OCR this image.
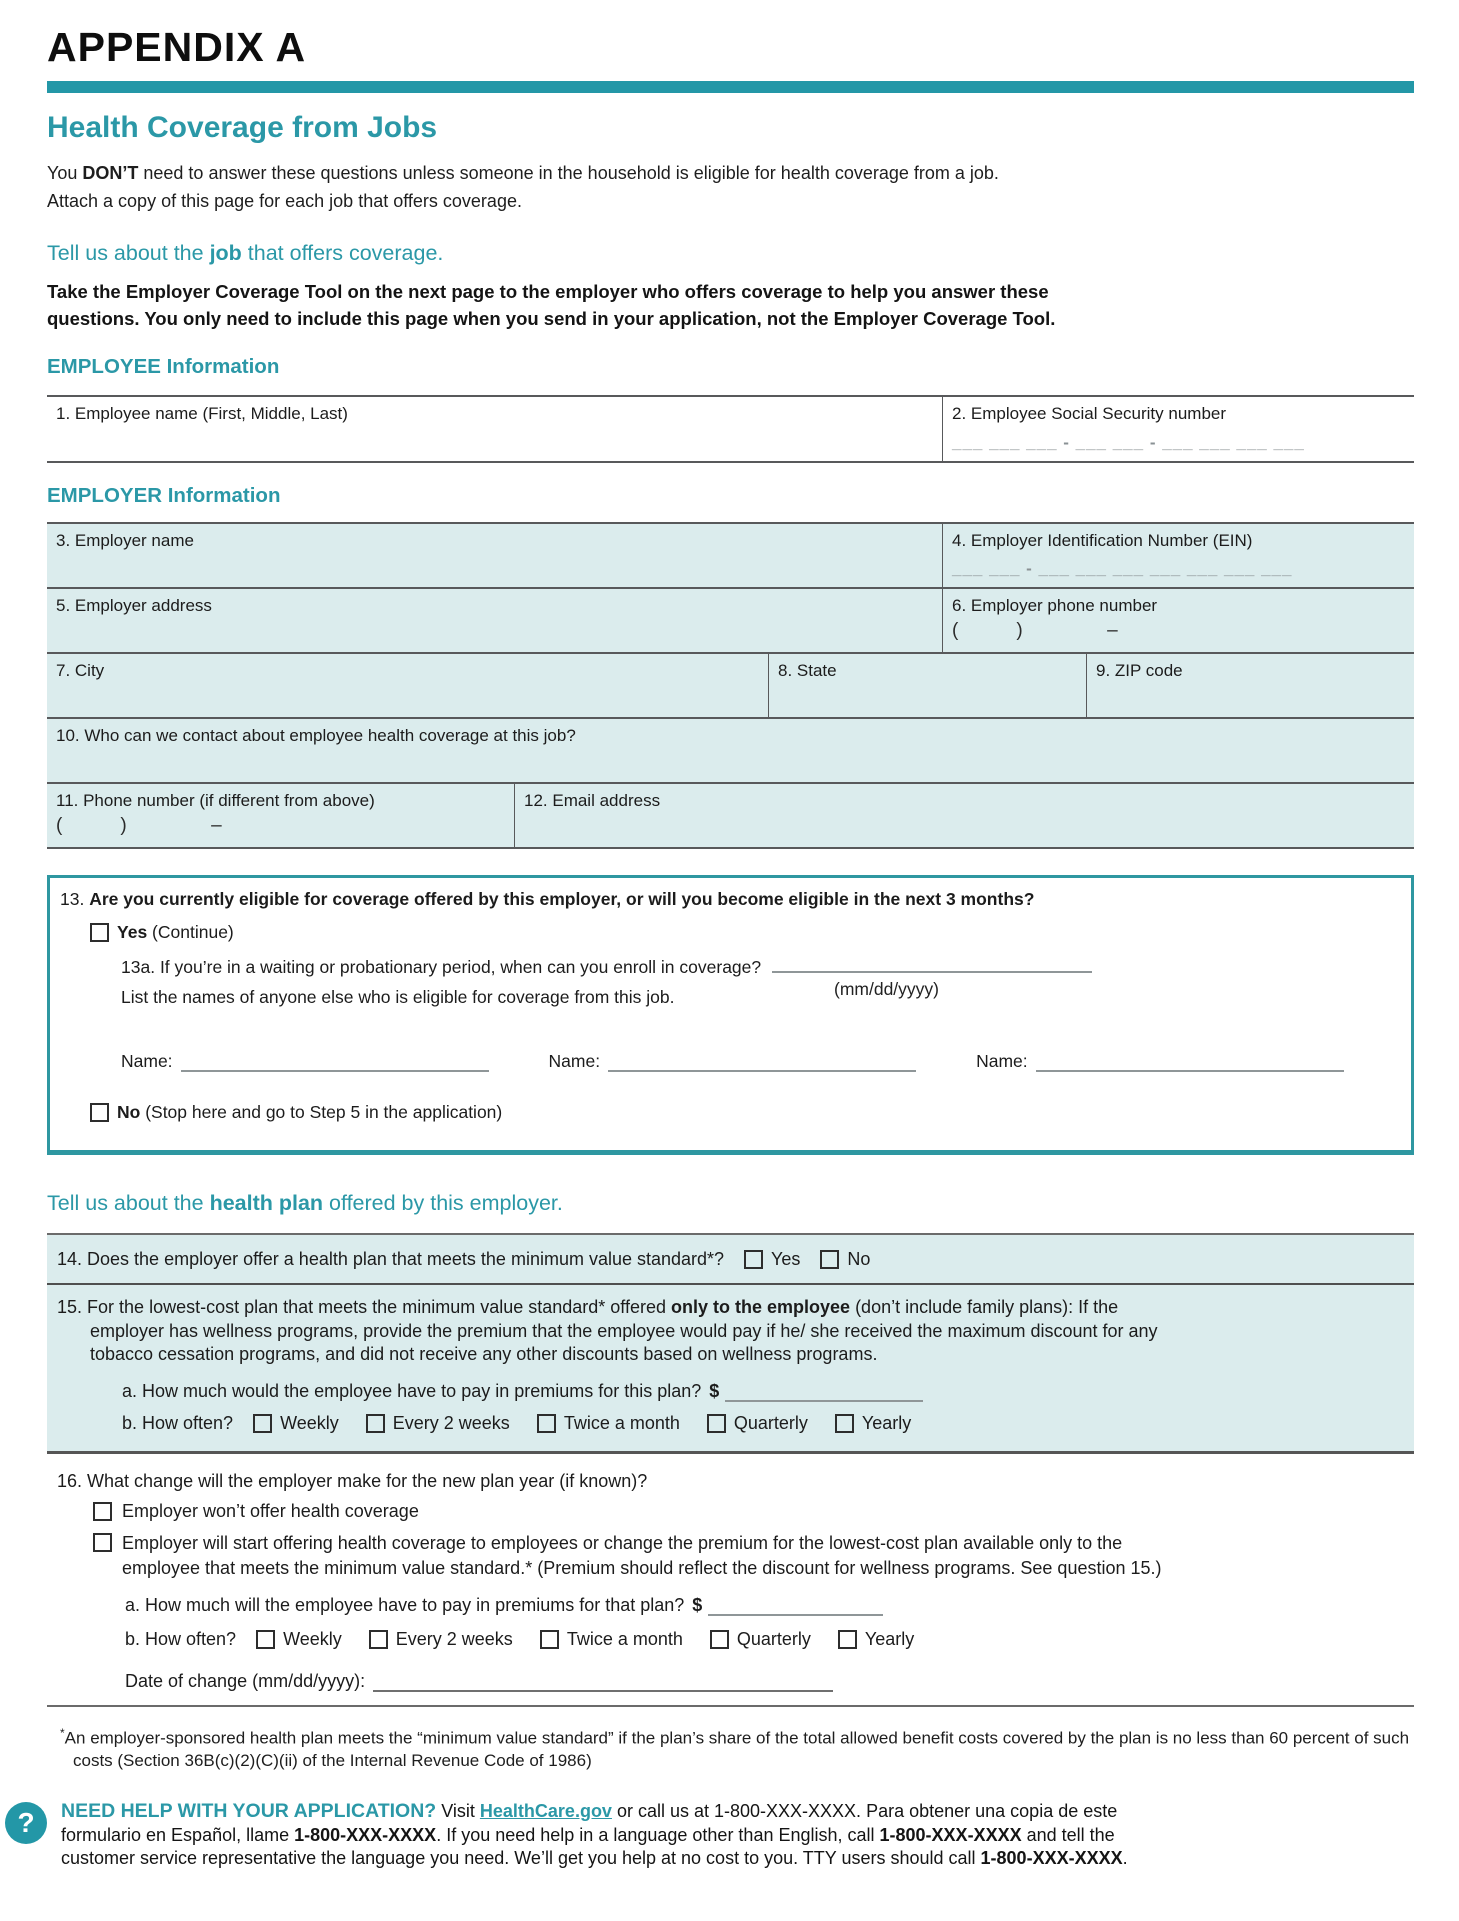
APPENDIX A
Health Coverage from Jobs
You DON’T need to answer these questions unless someone in the household is eligible for health coverage from a job.
Attach a copy of this page for each job that offers coverage.
Tell us about the job that offers coverage.
Take the Employer Coverage Tool on the next page to the employer who offers coverage to help you answer these questions. You only need to include this page when you send in your application, not the Employer Coverage Tool.
EMPLOYEE Information
1. Employee name (First, Middle, Last)	2. Employee Social Security number
___ ___ ___ - ___ ___ - ___ ___ ___ ___
EMPLOYER Information
3. Employer name	4. Employer Identification Number (EIN)
___ ___ - ___ ___ ___ ___ ___ ___ ___
5. Employer address	6. Employer phone number
(           )                –
7. City	8. State	9. ZIP code
10. Who can we contact about employee health coverage at this job?
11. Phone number (if different from above)
(           )                –
12. Email address
13. Are you currently eligible for coverage offered by this employer, or will you become eligible in the next 3 months?
Yes (Continue)
13a. If you’re in a waiting or probationary period, when can you enroll in coverage?
(mm/dd/yyyy)
List the names of anyone else who is eligible for coverage from this job.
Name:	Name:	Name:
No (Stop here and go to Step 5 in the application)
Tell us about the health plan offered by this employer.
14. Does the employer offer a health plan that meets the minimum value standard*?	Yes	No
15. For the lowest-cost plan that meets the minimum value standard* offered only to the employee (don’t include family plans): If the employer has wellness programs, provide the premium that the employee would pay if he/ she received the maximum discount for any tobacco cessation programs, and did not receive any other discounts based on wellness programs.
a. How much would the employee have to pay in premiums for this plan? $
b. How often?	Weekly	Every 2 weeks	Twice a month	Quarterly	Yearly
16. What change will the employer make for the new plan year (if known)?
Employer won’t offer health coverage
Employer will start offering health coverage to employees or change the premium for the lowest-cost plan available only to the employee that meets the minimum value standard.* (Premium should reflect the discount for wellness programs. See question 15.)
a. How much will the employee have to pay in premiums for that plan? $
b. How often?	Weekly	Every 2 weeks	Twice a month	Quarterly	Yearly
Date of change (mm/dd/yyyy):
*An employer-sponsored health plan meets the “minimum value standard” if the plan’s share of the total allowed benefit costs covered by the plan is no less than 60 percent of such costs (Section 36B(c)(2)(C)(ii) of the Internal Revenue Code of 1986)
?	NEED HELP WITH YOUR APPLICATION? Visit HealthCare.gov or call us at 1-800-XXX-XXXX. Para obtener una copia de este formulario en Español, llame 1-800-XXX-XXXX. If you need help in a language other than English, call 1-800-XXX-XXXX and tell the customer service representative the language you need. We’ll get you help at no cost to you. TTY users should call 1-800-XXX-XXXX.
